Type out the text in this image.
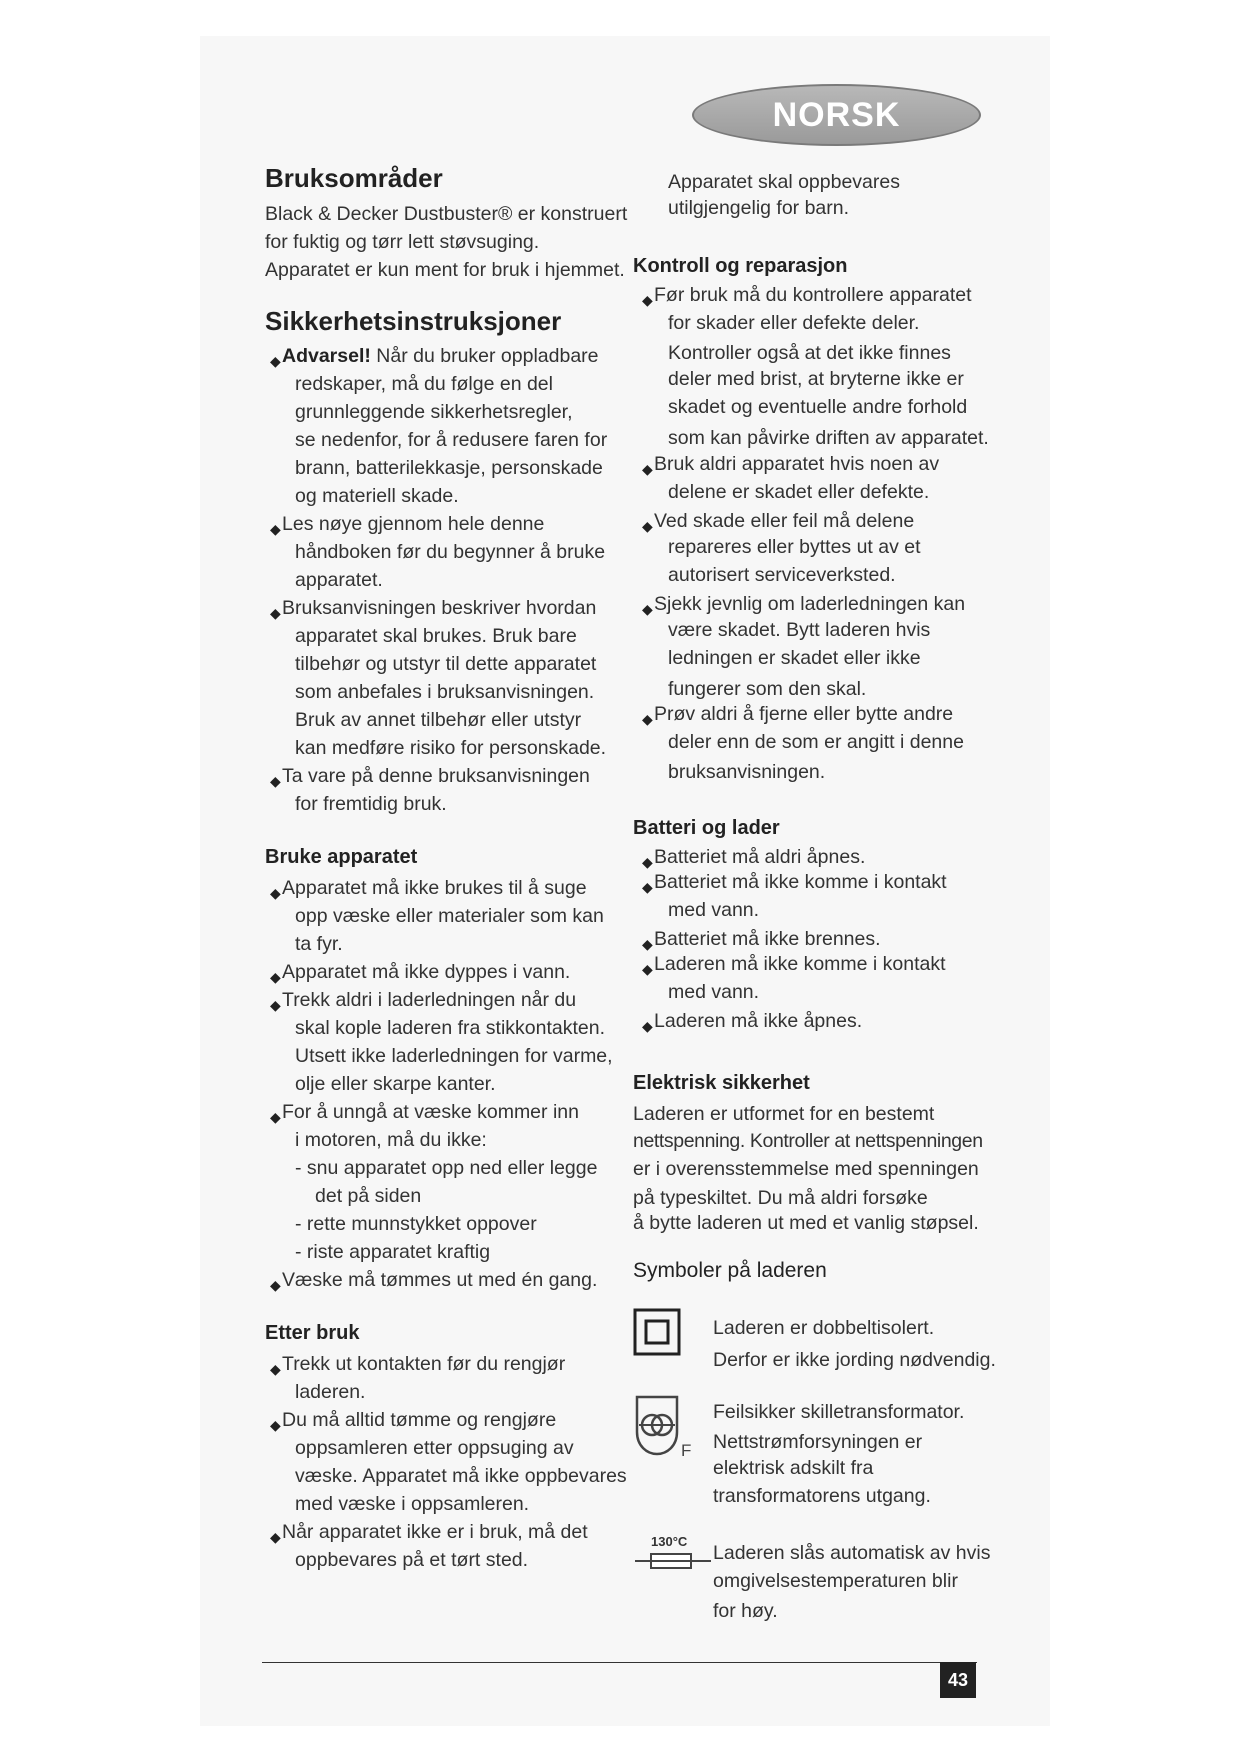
NORSK
Bruksområder
Black & Decker Dustbuster® er konstruert
for fuktig og tørr lett støvsuging.
Apparatet er kun ment for bruk i hjemmet.
Sikkerhetsinstruksjoner
◆ Advarsel! Når du bruker oppladbare
redskaper, må du følge en del
grunnleggende sikkerhetsregler,
se nedenfor, for å redusere faren for
brann, batterilekkasje, personskade
og materiell skade.
◆ Les nøye gjennom hele denne
håndboken før du begynner å bruke
apparatet.
◆ Bruksanvisningen beskriver hvordan
apparatet skal brukes. Bruk bare
tilbehør og utstyr til dette apparatet
som anbefales i bruksanvisningen.
Bruk av annet tilbehør eller utstyr
kan medføre risiko for personskade.
◆ Ta vare på denne bruksanvisningen
for fremtidig bruk.
Bruke apparatet
◆ Apparatet må ikke brukes til å suge
opp væske eller materialer som kan
ta fyr.
◆ Apparatet må ikke dyppes i vann.
◆ Trekk aldri i laderledningen når du
skal kople laderen fra stikkontakten.
Utsett ikke laderledningen for varme,
olje eller skarpe kanter.
◆ For å unngå at væske kommer inn
i motoren, må du ikke:
- snu apparatet opp ned eller legge
det på siden
- rette munnstykket oppover
- riste apparatet kraftig
◆ Væske må tømmes ut med én gang.
Etter bruk
◆ Trekk ut kontakten før du rengjør
laderen.
◆ Du må alltid tømme og rengjøre
oppsamleren etter oppsuging av
væske. Apparatet må ikke oppbevares
med væske i oppsamleren.
◆ Når apparatet ikke er i bruk, må det
oppbevares på et tørt sted.
Apparatet skal oppbevares
utilgjengelig for barn.
Kontroll og reparasjon
◆ Før bruk må du kontrollere apparatet
for skader eller defekte deler.
Kontroller også at det ikke finnes
deler med brist, at bryterne ikke er
skadet og eventuelle andre forhold
som kan påvirke driften av apparatet.
◆ Bruk aldri apparatet hvis noen av
delene er skadet eller defekte.
◆ Ved skade eller feil må delene
repareres eller byttes ut av et
autorisert serviceverksted.
◆ Sjekk jevnlig om laderledningen kan
være skadet. Bytt laderen hvis
ledningen er skadet eller ikke
fungerer som den skal.
◆ Prøv aldri å fjerne eller bytte andre
deler enn de som er angitt i denne
bruksanvisningen.
Batteri og lader
◆ Batteriet må aldri åpnes.
◆ Batteriet må ikke komme i kontakt
med vann.
◆ Batteriet må ikke brennes.
◆ Laderen må ikke komme i kontakt
med vann.
◆ Laderen må ikke åpnes.
Elektrisk sikkerhet
Laderen er utformet for en bestemt
nettspenning. Kontroller at nettspenningen
er i overensstemmelse med spenningen
på typeskiltet. Du må aldri forsøke
å bytte laderen ut med et vanlig støpsel.
Symboler på laderen
Laderen er dobbeltisolert.
Derfor er ikke jording nødvendig.
F
Feilsikker skilletransformator.
Nettstrømforsyningen er
elektrisk adskilt fra
transformatorens utgang.
130°C
Laderen slås automatisk av hvis
omgivelsestemperaturen blir
for høy.
43
